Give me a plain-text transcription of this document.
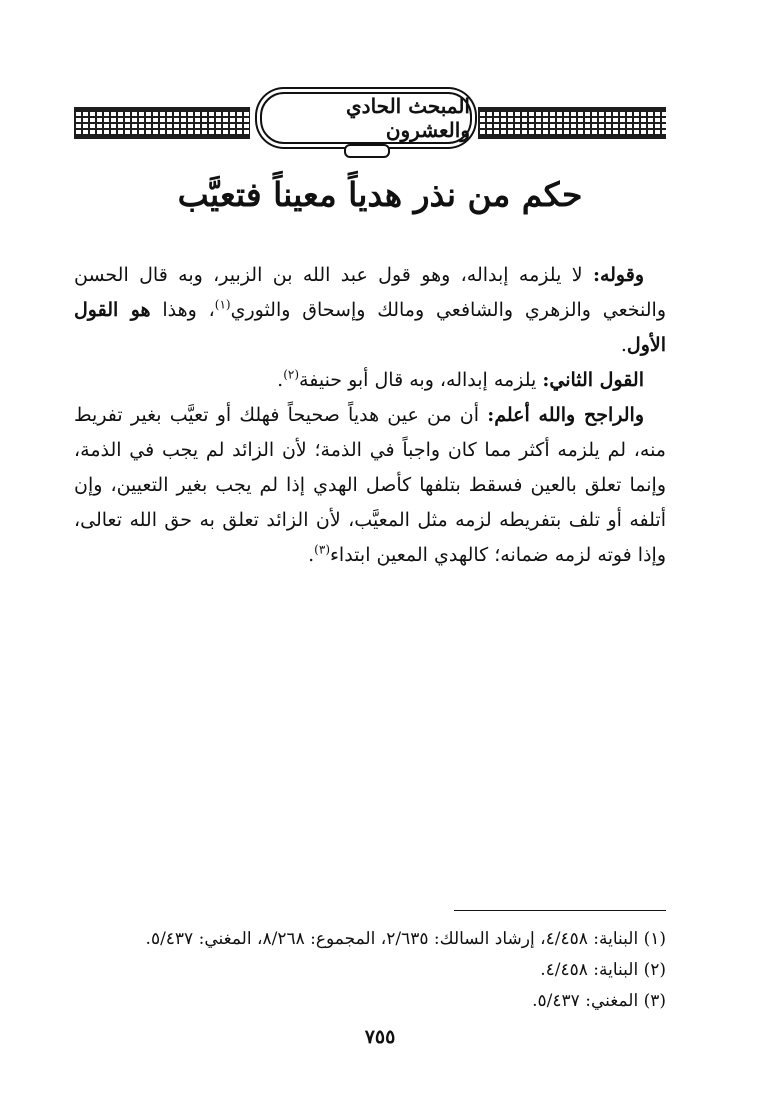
المبحث الحادي والعشرون
حكم من نذر هدياً معيناً فتعيَّب

وقوله: لا يلزمه إبداله، وهو قول عبد الله بن الزبير، وبه قال الحسن والنخعي والزهري والشافعي ومالك وإسحاق والثوري$^{(١)}$، وهذا هو القول الأول.

القول الثاني: يلزمه إبداله، وبه قال أبو حنيفة$^{(٢)}$.

والراجح والله أعلم: أن من عين هدياً صحيحاً فهلك أو تعيَّب بغير تفريط منه، لم يلزمه أكثر مما كان واجباً في الذمة؛ لأن الزائد لم يجب في الذمة، وإنما تعلق بالعين فسقط بتلفها كأصل الهدي إذا لم يجب بغير التعيين، وإن أتلفه أو تلف بتفريطه لزمه مثل المعيَّب، لأن الزائد تعلق به حق الله تعالى، وإذا فوته لزمه ضمانه؛ كالهدي المعين ابتداء$^{(٣)}$.

(١) البناية: ٤/٤٥٨، إرشاد السالك: ٢/٦٣٥، المجموع: ٨/٢٦٨، المغني: ٥/٤٣٧.
(٢) البناية: ٤/٤٥٨.
(٣) المغني: ٥/٤٣٧.
٧٥٥
